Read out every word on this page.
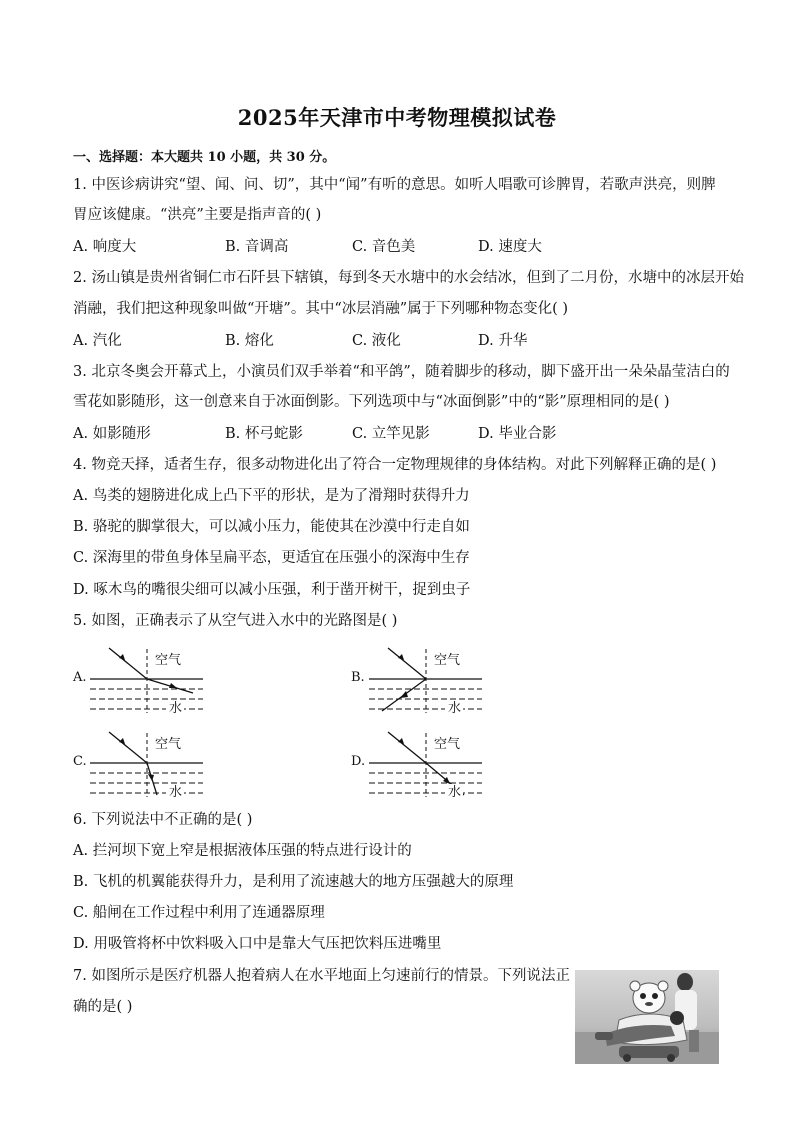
2025年天津市中考物理模拟试卷
一、选择题：本大题共 10 小题，共 30 分。
1. 中医诊病讲究“望、闻、问、切”，其中“闻”有听的意思。如听人唱歌可诊脾胃，若歌声洪亮，则脾
胃应该健康。“洪亮”主要是指声音的( )
A. 响度大	B. 音调高	C. 音色美	D. 速度大
2. 汤山镇是贵州省铜仁市石阡县下辖镇，每到冬天水塘中的水会结冰，但到了二月份，水塘中的冰层开始
消融，我们把这种现象叫做“开塘”。其中“冰层消融”属于下列哪种物态变化( )
A. 汽化	B. 熔化	C. 液化	D. 升华
3. 北京冬奥会开幕式上，小演员们双手举着“和平鸽”，随着脚步的移动，脚下盛开出一朵朵晶莹洁白的
雪花如影随形，这一创意来自于冰面倒影。下列选项中与“冰面倒影”中的“影”原理相同的是( )
A. 如影随形	B. 杯弓蛇影	C. 立竿见影	D. 毕业合影
4. 物竞天择，适者生存，很多动物进化出了符合一定物理规律的身体结构。对此下列解释正确的是( )
A. 鸟类的翅膀进化成上凸下平的形状，是为了滑翔时获得升力
B. 骆驼的脚掌很大，可以减小压力，能使其在沙漠中行走自如
C. 深海里的带鱼身体呈扁平态，更适宜在压强小的深海中生存
D. 啄木鸟的嘴很尖细可以减小压强，利于凿开树干，捉到虫子
5. 如图，正确表示了从空气进入水中的光路图是( )
A.
空气
水
B.
空气
水
C.
空气
水
D.
空气
水
6. 下列说法中不正确的是( )
A. 拦河坝下宽上窄是根据液体压强的特点进行设计的
B. 飞机的机翼能获得升力，是利用了流速越大的地方压强越大的原理
C. 船闸在工作过程中利用了连通器原理
D. 用吸管将杯中饮料吸入口中是靠大气压把饮料压进嘴里
7. 如图所示是医疗机器人抱着病人在水平地面上匀速前行的情景。下列说法正
确的是( )
